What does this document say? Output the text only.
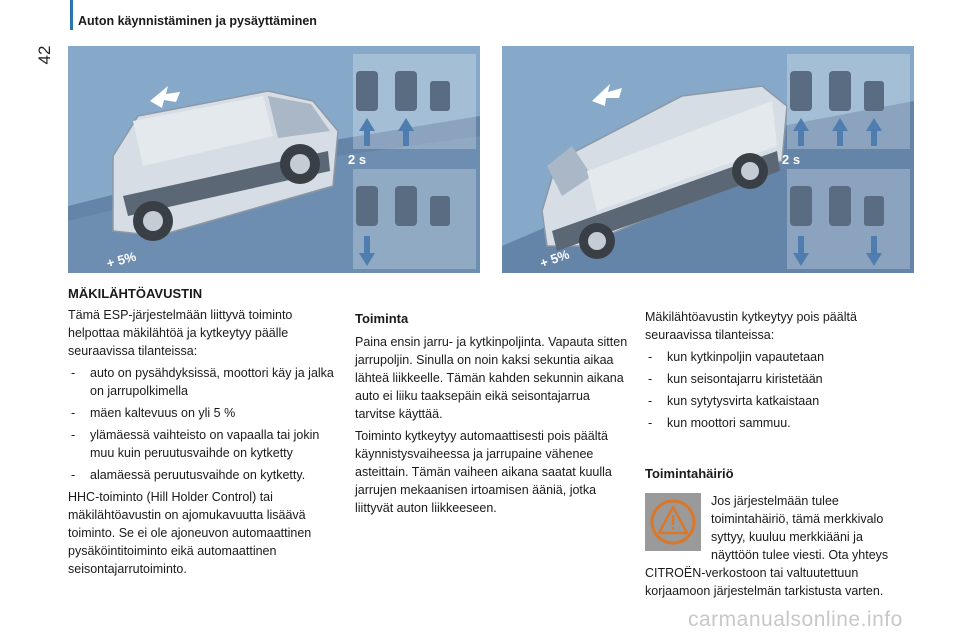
42
Auton käynnistäminen ja pysäyttäminen
+ 5%
2 s
+ 5%
2 s
MÄKILÄHTÖAVUSTIN

Tämä ESP-järjestelmään liittyvä toiminto helpottaa mäkilähtöä ja kytkeytyy päälle seuraavissa tilanteissa:

- auto on pysähdyksissä, moottori käy ja jalka on jarrupolkimella
- mäen kaltevuus on yli 5 %
- ylämäessä vaihteisto on vapaalla tai jokin muu kuin peruutusvaihde on kytketty
- alamäessä peruutusvaihde on kytketty.

HHC-toiminto (Hill Holder Control) tai mäkilähtöavustin on ajomukavuutta lisäävä toiminto. Se ei ole ajoneuvon automaattinen pysäköintitoiminto eikä automaattinen seisontajarrutoiminto.

Toiminta

Paina ensin jarru- ja kytkinpoljinta. Vapauta sitten jarrupoljin. Sinulla on noin kaksi sekuntia aikaa lähteä liikkeelle. Tämän kahden sekunnin aikana auto ei liiku taaksepäin eikä seisontajarrua tarvitse käyttää.

Toiminto kytkeytyy automaattisesti pois päältä käynnistysvaiheessa ja jarrupaine vähenee asteittain. Tämän vaiheen aikana saatat kuulla jarrujen mekaanisen irtoamisen ääniä, jotka liittyvät auton liikkeeseen.

Mäkilähtöavustin kytkeytyy pois päältä seuraavissa tilanteissa:

- kun kytkinpoljin vapautetaan
- kun seisontajarru kiristetään
- kun sytytysvirta katkaistaan
- kun moottori sammuu.
Toimintahäiriö
Jos järjestelmään tulee
toimintahäiriö, tämä merkkivalo
syttyy, kuuluu merkkiääni ja
näyttöön tulee viesti. Ota yhteys
CITROËN-verkostoon tai valtuutettuun korjaamoon järjestelmän tarkistusta varten.
carmanualsonline.info
